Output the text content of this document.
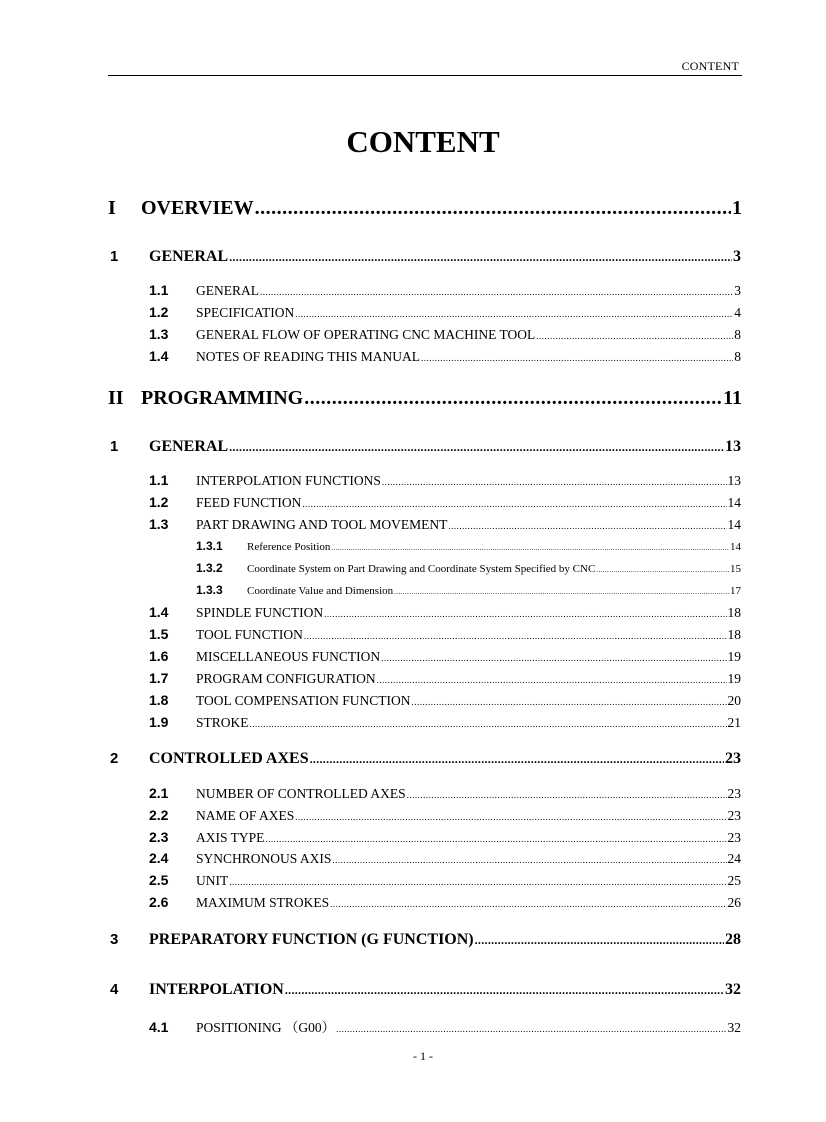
CONTENT
CONTENT
I	OVERVIEW .....	1
1	GENERAL .....	3
1.1	GENERAL .....	3
1.2	SPECIFICATION .....	4
1.3	GENERAL FLOW OF OPERATING CNC MACHINE TOOL .....	8
1.4	NOTES OF READING THIS MANUAL .....	8
II PROGRAMMING .....	11
1	GENERAL .....	13
1.1	INTERPOLATION FUNCTIONS .....	13
1.2	FEED FUNCTION .....	14
1.3	PART DRAWING AND TOOL MOVEMENT .....	14
1.3.1	Reference Position .....	14
1.3.2	Coordinate System on Part Drawing and Coordinate System Specified by CNC .....	15
1.3.3	Coordinate Value and Dimension .....	17
1.4	SPINDLE FUNCTION .....	18
1.5	TOOL FUNCTION .....	18
1.6	MISCELLANEOUS FUNCTION .....	19
1.7	PROGRAM CONFIGURATION .....	19
1.8	TOOL COMPENSATION FUNCTION .....	20
1.9	STROKE .....	21
2	CONTROLLED AXES .....	23
2.1	NUMBER OF CONTROLLED AXES .....	23
2.2	NAME OF AXES .....	23
2.3	AXIS TYPE .....	23
2.4	SYNCHRONOUS AXIS .....	24
2.5	UNIT .....	25
2.6	MAXIMUM STROKES .....	26
3	PREPARATORY FUNCTION (G FUNCTION) .....	28
4	INTERPOLATION .....	32
4.1	POSITIONING （G00） .....	32
- 1 -
